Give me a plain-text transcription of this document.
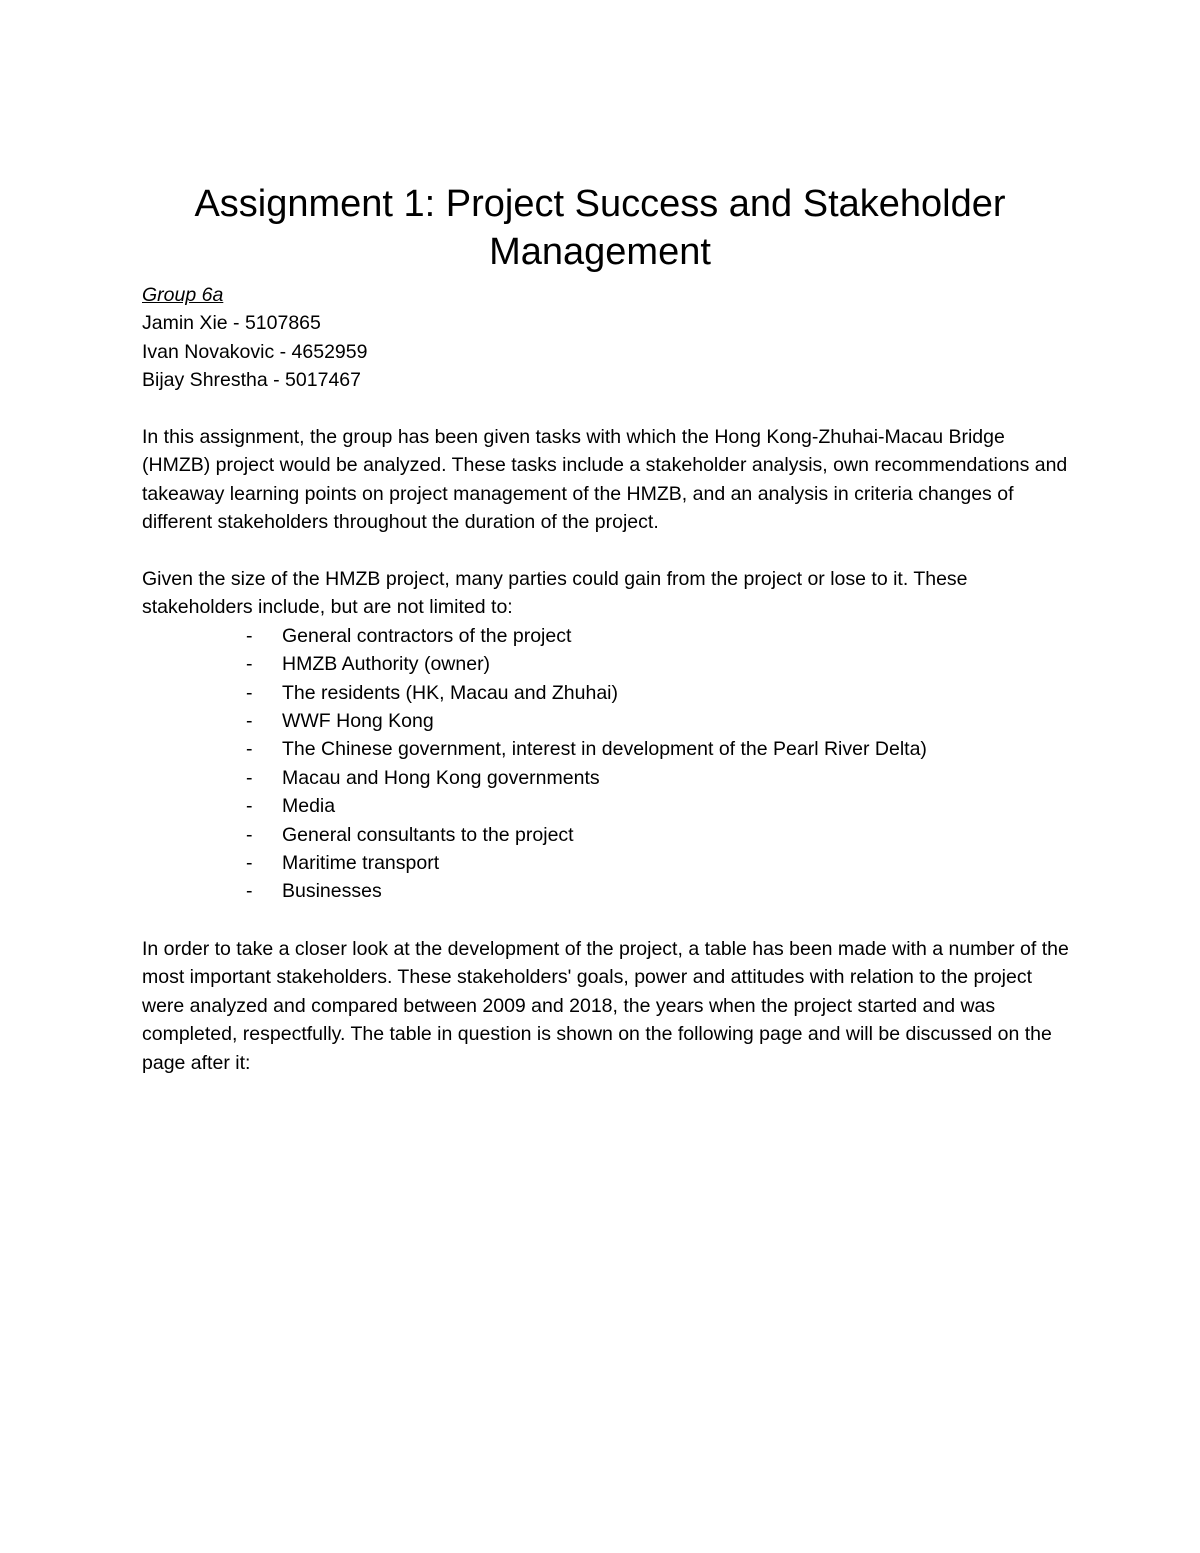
Assignment 1: Project Success and Stakeholder Management
Group 6a
Jamin Xie - 5107865
Ivan Novakovic - 4652959
Bijay Shrestha - 5017467

In this assignment, the group has been given tasks with which the Hong Kong-Zhuhai-Macau Bridge (HMZB) project would be analyzed. These tasks include a stakeholder analysis, own recommendations and takeaway learning points on project management of the HMZB, and an analysis in criteria changes of different stakeholders throughout the duration of the project.

Given the size of the HMZB project, many parties could gain from the project or lose to it. These stakeholders include, but are not limited to:

- General contractors of the project
- HMZB Authority (owner)
- The residents (HK, Macau and Zhuhai)
- WWF Hong Kong
- The Chinese government, interest in development of the Pearl River Delta)
- Macau and Hong Kong governments
- Media
- General consultants to the project
- Maritime transport
- Businesses

In order to take a closer look at the development of the project, a table has been made with a number of the most important stakeholders. These stakeholders' goals, power and attitudes with relation to the project were analyzed and compared between 2009 and 2018, the years when the project started and was completed, respectfully. The table in question is shown on the following page and will be discussed on the page after it:
